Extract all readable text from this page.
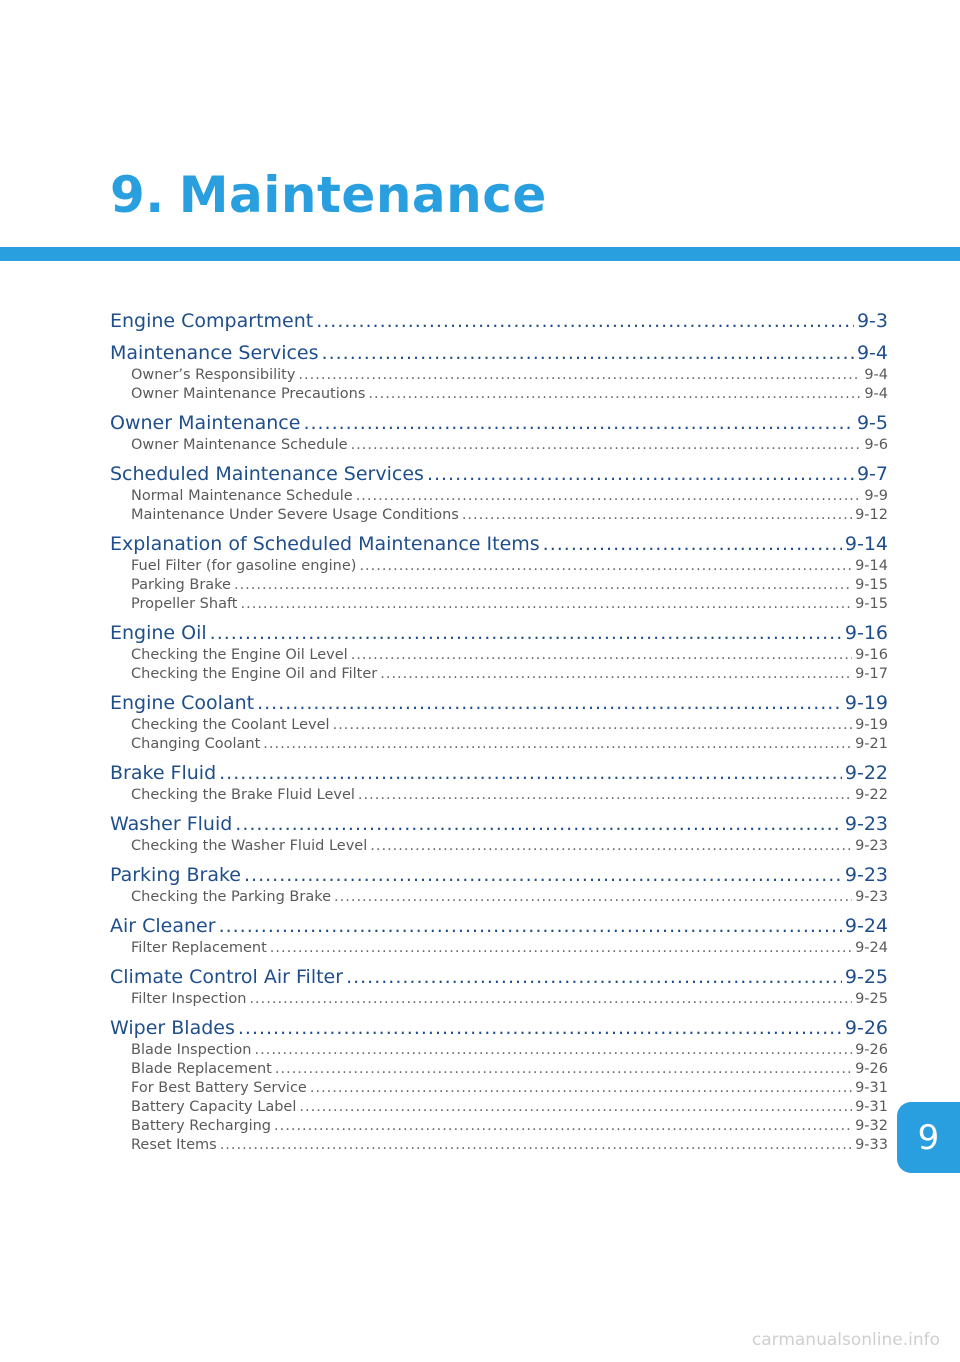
9. Maintenance
Engine Compartment .....	9-3
Maintenance Services .....	9-4
Owner’s Responsibility .....	9-4
Owner Maintenance Precautions .....	9-4
Owner Maintenance .....	9-5
Owner Maintenance Schedule .....	9-6
Scheduled Maintenance Services .....	9-7
Normal Maintenance Schedule .....	9-9
Maintenance Under Severe Usage Conditions .....	9-12
Explanation of Scheduled Maintenance Items .....	9-14
Fuel Filter (for gasoline engine) .....	9-14
Parking Brake .....	9-15
Propeller Shaft .....	9-15
Engine Oil .....	9-16
Checking the Engine Oil Level .....	9-16
Checking the Engine Oil and Filter .....	9-17
Engine Coolant .....	9-19
Checking the Coolant Level .....	9-19
Changing Coolant .....	9-21
Brake Fluid .....	9-22
Checking the Brake Fluid Level .....	9-22
Washer Fluid .....	9-23
Checking the Washer Fluid Level .....	9-23
Parking Brake .....	9-23
Checking the Parking Brake .....	9-23
Air Cleaner .....	9-24
Filter Replacement .....	9-24
Climate Control Air Filter .....	9-25
Filter Inspection .....	9-25
Wiper Blades .....	9-26
Blade Inspection .....	9-26
Blade Replacement .....	9-26
For Best Battery Service .....	9-31
Battery Capacity Label .....	9-31
Battery Recharging .....	9-32
Reset Items .....	9-33 9
carmanualsonline.info
